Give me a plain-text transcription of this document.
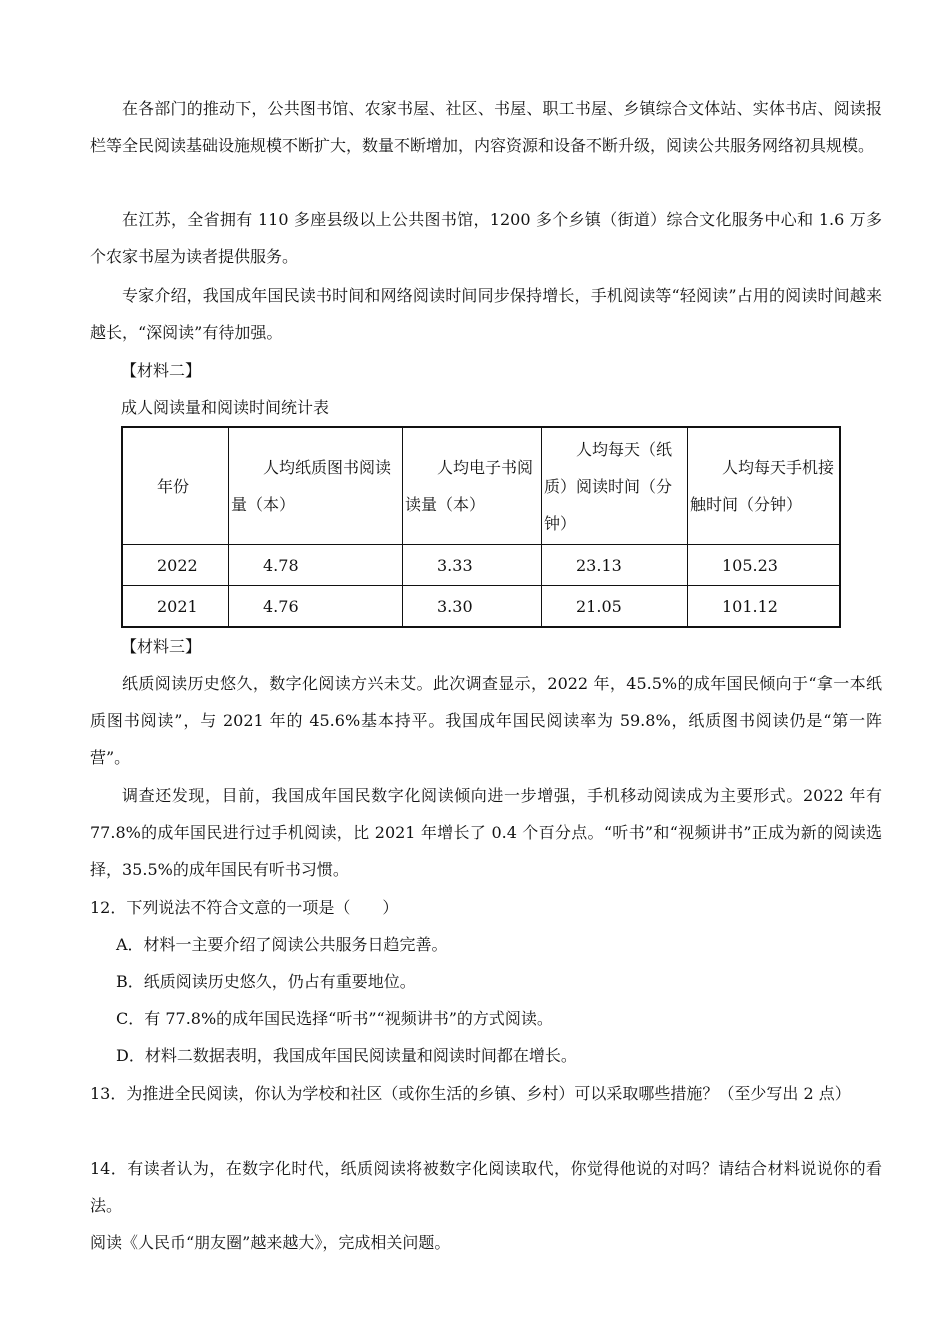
在各部门的推动下，公共图书馆、农家书屋、社区、书屋、职工书屋、乡镇综合文体站、实体书店、阅读报栏等全民阅读基础设施规模不断扩大，数量不断增加，内容资源和设备不断升级，阅读公共服务网络初具规模。

在江苏，全省拥有 110 多座县级以上公共图书馆，1200 多个乡镇（街道）综合文化服务中心和 1.6 万多个农家书屋为读者提供服务。

专家介绍，我国成年国民读书时间和网络阅读时间同步保持增长，手机阅读等“轻阅读”占用的阅读时间越来越长，“深阅读”有待加强。

【材料二】

成人阅读量和阅读时间统计表

年份	人均纸质图书阅读量（本）	人均电子书阅读量（本）	人均每天（纸质）阅读时间（分钟）	人均每天手机接触时间（分钟）
2022	4.78	3.33	23.13	105.23
2021	4.76	3.30	21.05	101.12

【材料三】

纸质阅读历史悠久，数字化阅读方兴未艾。此次调查显示，2022 年，45.5%的成年国民倾向于“拿一本纸质图书阅读”，与 2021 年的 45.6%基本持平。我国成年国民阅读率为 59.8%，纸质图书阅读仍是“第一阵营”。

调查还发现，目前，我国成年国民数字化阅读倾向进一步增强，手机移动阅读成为主要形式。2022 年有 77.8%的成年国民进行过手机阅读，比 2021 年增长了 0.4 个百分点。“听书”和“视频讲书”正成为新的阅读选择，35.5%的成年国民有听书习惯。

12．下列说法不符合文意的一项是（　　）

A．材料一主要介绍了阅读公共服务日趋完善。

B．纸质阅读历史悠久，仍占有重要地位。

C．有 77.8%的成年国民选择“听书”“视频讲书”的方式阅读。

D．材料二数据表明，我国成年国民阅读量和阅读时间都在增长。

13．为推进全民阅读，你认为学校和社区（或你生活的乡镇、乡村）可以采取哪些措施？（至少写出 2 点）

14．有读者认为，在数字化时代，纸质阅读将被数字化阅读取代，你觉得他说的对吗？请结合材料说说你的看法。

阅读《人民币“朋友圈”越来越大》，完成相关问题。
